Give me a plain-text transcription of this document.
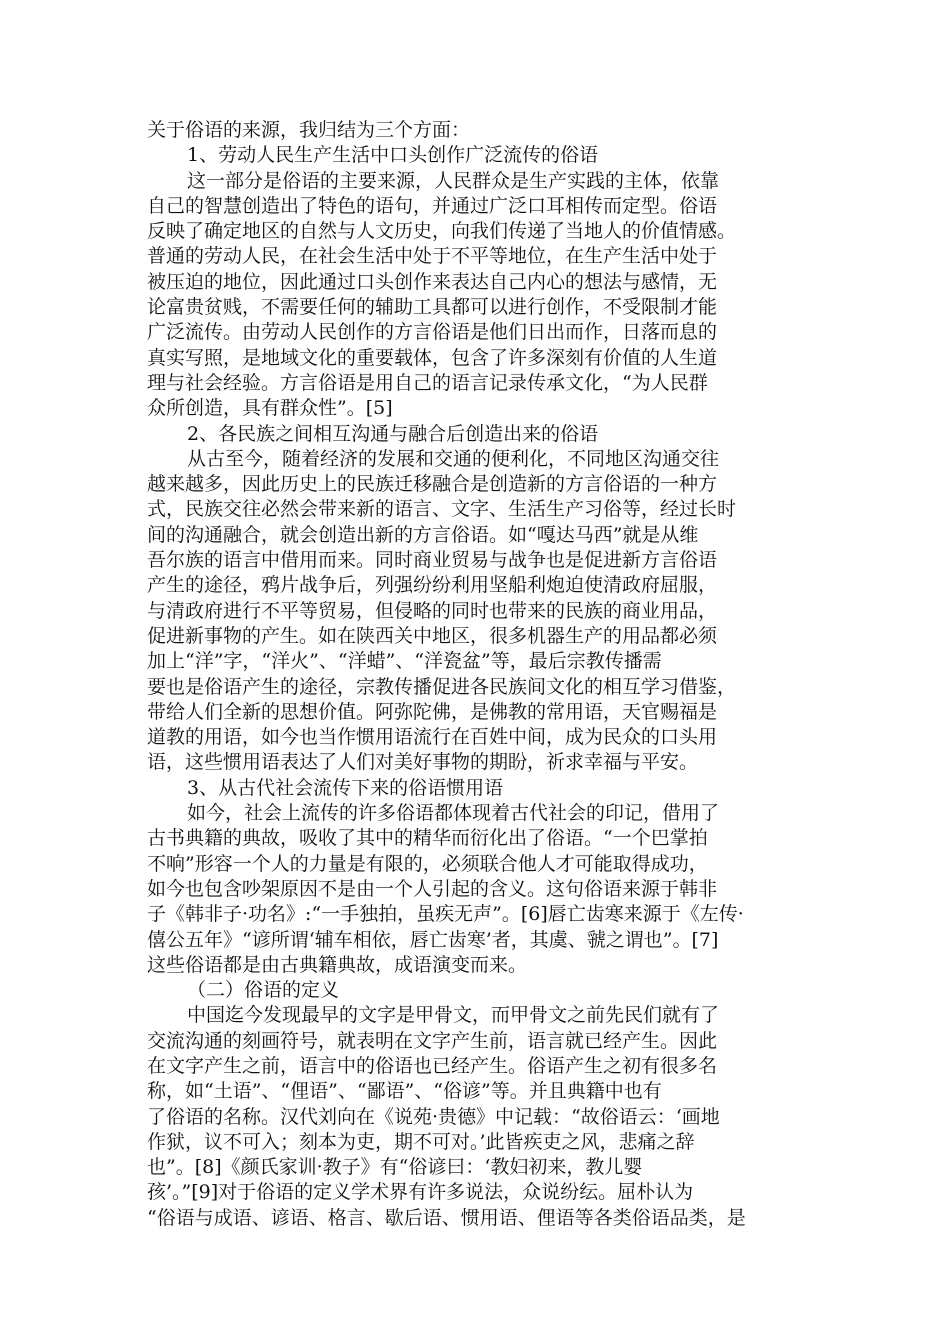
关于俗语的来源，我归结为三个方面：
1、劳动人民生产生活中口头创作广泛流传的俗语
这一部分是俗语的主要来源，人民群众是生产实践的主体，依靠
自己的智慧创造出了特色的语句，并通过广泛口耳相传而定型。俗语
反映了确定地区的自然与人文历史，向我们传递了当地人的价值情感。
普通的劳动人民，在社会生活中处于不平等地位，在生产生活中处于
被压迫的地位，因此通过口头创作来表达自己内心的想法与感情，无
论富贵贫贱，不需要任何的辅助工具都可以进行创作，不受限制才能
广泛流传。由劳动人民创作的方言俗语是他们日出而作，日落而息的
真实写照，是地域文化的重要载体，包含了许多深刻有价值的人生道
理与社会经验。方言俗语是用自己的语言记录传承文化，“为人民群
众所创造，具有群众性”。[5]
2、各民族之间相互沟通与融合后创造出来的俗语
从古至今，随着经济的发展和交通的便利化，不同地区沟通交往
越来越多，因此历史上的民族迁移融合是创造新的方言俗语的一种方
式，民族交往必然会带来新的语言、文字、生活生产习俗等，经过长时
间的沟通融合，就会创造出新的方言俗语。如“嘎达马西”就是从维
吾尔族的语言中借用而来。同时商业贸易与战争也是促进新方言俗语
产生的途径，鸦片战争后，列强纷纷利用坚船利炮迫使清政府屈服，
与清政府进行不平等贸易，但侵略的同时也带来的民族的商业用品，
促进新事物的产生。如在陕西关中地区，很多机器生产的用品都必须
加上“洋”字，“洋火”、“洋蜡”、“洋瓷盆”等，最后宗教传播需
要也是俗语产生的途径，宗教传播促进各民族间文化的相互学习借鉴，
带给人们全新的思想价值。阿弥陀佛，是佛教的常用语，天官赐福是
道教的用语，如今也当作惯用语流行在百姓中间，成为民众的口头用
语，这些惯用语表达了人们对美好事物的期盼，祈求幸福与平安。
3、从古代社会流传下来的俗语惯用语
如今，社会上流传的许多俗语都体现着古代社会的印记，借用了
古书典籍的典故，吸收了其中的精华而衍化出了俗语。“一个巴掌拍
不响”形容一个人的力量是有限的，必须联合他人才可能取得成功，
如今也包含吵架原因不是由一个人引起的含义。这句俗语来源于韩非
子《韩非子·功名》:“一手独拍，虽疾无声”。[6]唇亡齿寒来源于《左传·
僖公五年》“谚所谓‘辅车相依，唇亡齿寒’者，其虞、虢之谓也”。[7]
这些俗语都是由古典籍典故，成语演变而来。
（二）俗语的定义
中国迄今发现最早的文字是甲骨文，而甲骨文之前先民们就有了
交流沟通的刻画符号，就表明在文字产生前，语言就已经产生。因此
在文字产生之前，语言中的俗语也已经产生。俗语产生之初有很多名
称，如“土语”、“俚语”、“鄙语”、“俗谚”等。并且典籍中也有
了俗语的名称。汉代刘向在《说苑·贵德》中记载：“故俗语云：‘画地
作狱，议不可入；刻本为吏，期不可对。’此皆疾吏之风，悲痛之辞
也”。[8]《颜氏家训·教子》有“俗谚曰：‘教妇初来，教儿婴
孩’。”[9]对于俗语的定义学术界有许多说法，众说纷纭。屈朴认为
“俗语与成语、谚语、格言、歇后语、惯用语、俚语等各类俗语品类，是
